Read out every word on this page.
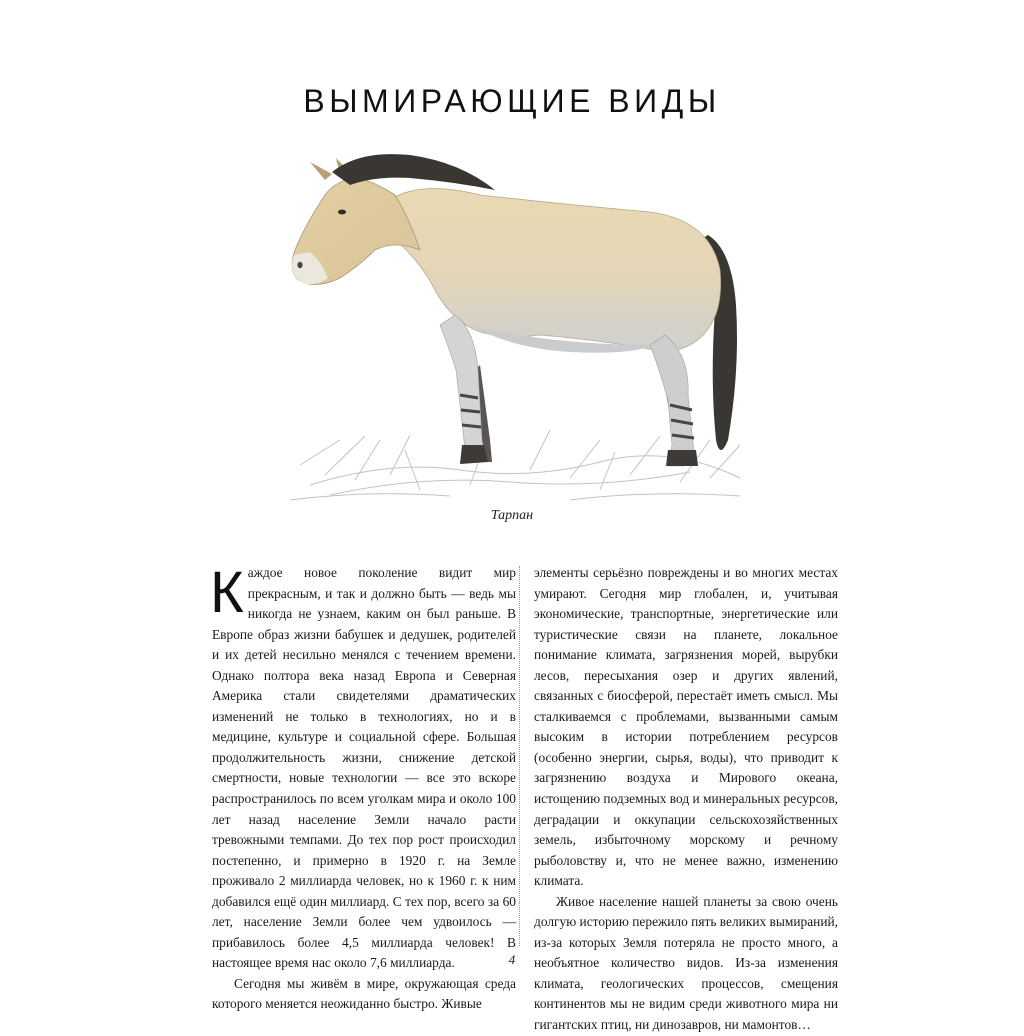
ВЫМИРАЮЩИЕ ВИДЫ
Тарпан

Каждое новое поколение видит мир прекрасным, и так и должно быть — ведь мы никогда не узнаем, каким он был раньше. В Европе образ жизни бабушек и дедушек, родителей и их детей несильно менялся с течением времени. Однако полтора века назад Европа и Северная Америка стали свидетелями драматических изменений не только в технологиях, но и в медицине, культуре и социальной сфере. Большая продолжительность жизни, снижение детской смертности, новые технологии — все это вскоре распространилось по всем уголкам мира и около 100 лет назад население Земли начало расти тревожными темпами. До тех пор рост происходил постепенно, и примерно в 1920 г. на Земле проживало 2 миллиарда человек, но к 1960 г. к ним добавился ещё один миллиард. С тех пор, всего за 60 лет, население Земли более чем удвоилось — прибавилось более 4,5 миллиарда человек! В настоящее время нас около 7,6 миллиарда.

Сегодня мы живём в мире, окружающая среда которого меняется неожиданно быстро. Живые

элементы серьёзно повреждены и во многих местах умирают. Сегодня мир глобален, и, учитывая экономические, транспортные, энергетические или туристические связи на планете, локальное понимание климата, загрязнения морей, вырубки лесов, пересыхания озер и других явлений, связанных с биосферой, перестаёт иметь смысл. Мы сталкиваемся с проблемами, вызванными самым высоким в истории потреблением ресурсов (особенно энергии, сырья, воды), что приводит к загрязнению воздуха и Мирового океана, истощению подземных вод и минеральных ресурсов, деградации и оккупации сельскохозяйственных земель, избыточному морскому и речному рыболовству и, что не менее важно, изменению климата.

Живое население нашей планеты за свою очень долгую историю пережило пять великих вымираний, из-за которых Земля потеряла не просто много, а необъятное количество видов. Из-за изменения климата, геологических процессов, смещения континентов мы не видим среди животного мира ни гигантских птиц, ни динозавров, ни мамонтов…

4
